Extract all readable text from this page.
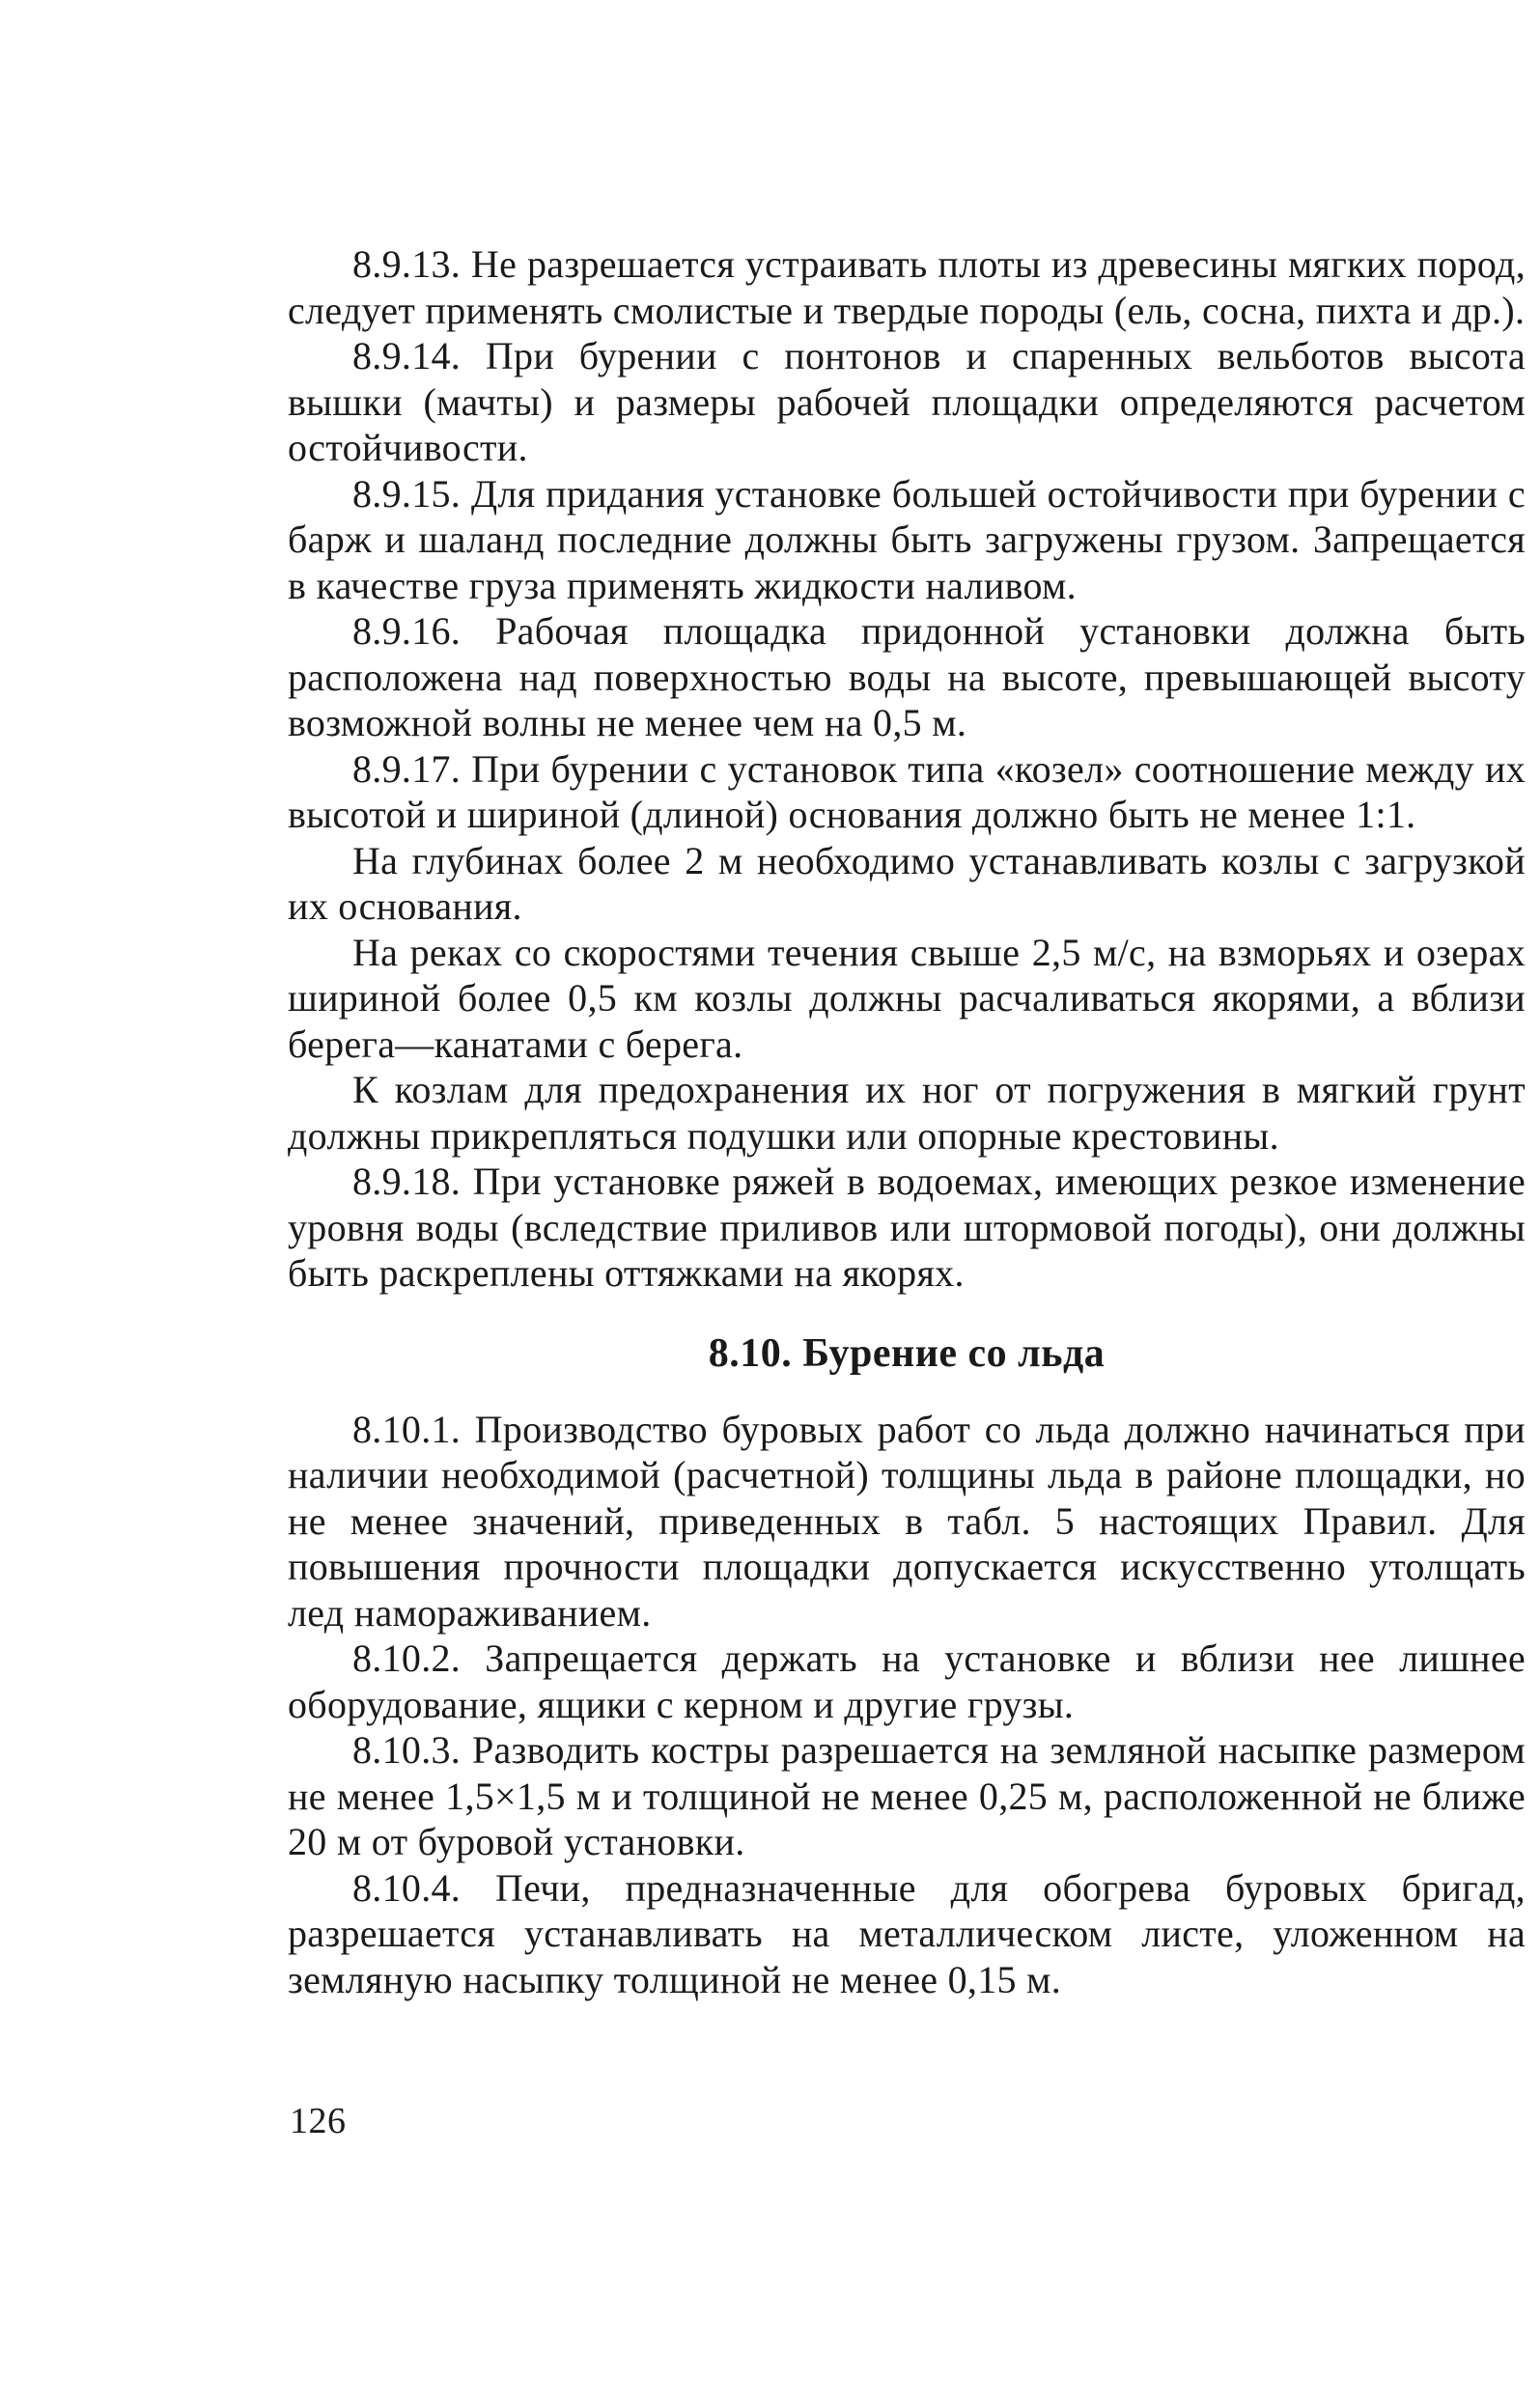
8.9.13. Не разрешается устраивать плоты из древесины мягких пород, следует применять смолистые и твердые породы (ель, сосна, пихта и др.).

8.9.14. При бурении с понтонов и спаренных вельботов высота вышки (мачты) и размеры рабочей площадки определяются расчетом остойчивости.

8.9.15. Для придания установке большей остойчивости при бурении с барж и шаланд последние должны быть загружены грузом. Запрещается в качестве груза применять жидкости наливом.

8.9.16. Рабочая площадка придонной установки должна быть расположена над поверхностью воды на высоте, превышающей высоту возможной волны не менее чем на 0,5 м.

8.9.17. При бурении с установок типа «козел» соотношение между их высотой и шириной (длиной) основания должно быть не менее 1:1.

На глубинах более 2 м необходимо устанавливать козлы с загрузкой их основания.

На реках со скоростями течения свыше 2,5 м/с, на взморьях и озерах шириной более 0,5 км козлы должны расчаливаться якорями, а вблизи берега—канатами с берега.

К козлам для предохранения их ног от погружения в мягкий грунт должны прикрепляться подушки или опорные крестовины.

8.9.18. При установке ряжей в водоемах, имеющих резкое изменение уровня воды (вследствие приливов или штормовой погоды), они должны быть раскреплены оттяжками на якорях.

8.10. Бурение со льда

8.10.1. Производство буровых работ со льда должно начинаться при наличии необходимой (расчетной) толщины льда в районе площадки, но не менее значений, приведенных в табл. 5 настоящих Правил. Для повышения прочности площадки допускается искусственно утолщать лед намораживанием.

8.10.2. Запрещается держать на установке и вблизи нее лишнее оборудование, ящики с керном и другие грузы.

8.10.3. Разводить костры разрешается на земляной насыпке размером не менее 1,5×1,5 м и толщиной не менее 0,25 м, расположенной не ближе 20 м от буровой установки.

8.10.4. Печи, предназначенные для обогрева буровых бригад, разрешается устанавливать на металлическом листе, уложенном на земляную насыпку толщиной не менее 0,15 м.

126
